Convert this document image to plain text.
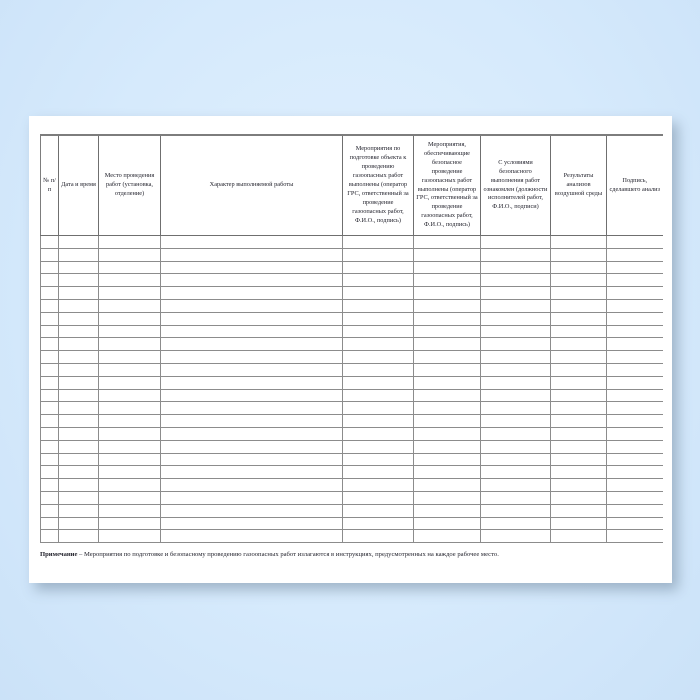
№ п/п	Дата и время	Место проведения работ (установка, отделение)	Характер выполняемой работы	Мероприятия по подготовке объекта к проведению газоопасных работ выполнены (оператор ГРС, ответственный за проведение газоопасных работ, Ф.И.О., подпись)	Мероприятия, обеспечивающие безопасное проведение газоопасных работ выполнены (оператор ГРС, ответственный за проведение газоопасных работ, Ф.И.О., подпись)	С условиями безопасного выполнения работ ознакомлен (должности исполнителей работ, Ф.И.О., подписи)	Результаты анализов воздушной среды	Подпись, сделавшего анализ

Примечание – Мероприятия по подготовке и безопасному проведению газоопасных работ излагаются в инструкциях, предусмотренных на каждое рабочее место.
